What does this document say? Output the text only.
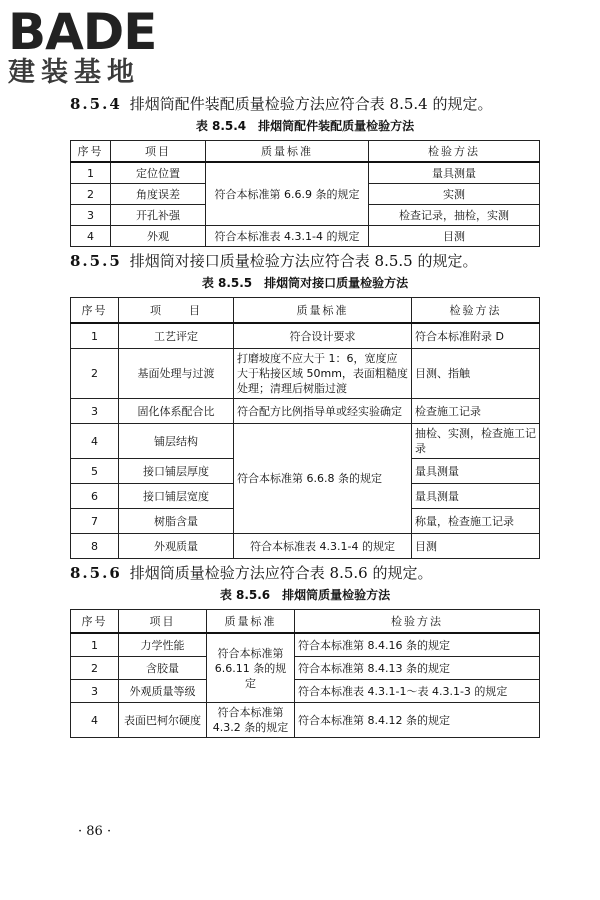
BADE
建装基地

8.5.4 排烟筒配件装配质量检验方法应符合表 8.5.4 的规定。

表 8.5.4　排烟筒配件装配质量检验方法
序号	项目	质量标准	检验方法
1	定位位置	符合本标准第 6.6.9 条的规定	量具测量
2	角度误差		实测
3	开孔补强		检查记录，抽检，实测
4	外观	符合本标准表 4.3.1-4 的规定	目测

8.5.5 排烟筒对接口质量检验方法应符合表 8.5.5 的规定。

表 8.5.5　排烟筒对接口质量检验方法
序号	项　　目	质量标准	检验方法
1	工艺评定	符合设计要求	符合本标准附录 D
2	基面处理与过渡	打磨坡度不应大于 1：6，宽度应大于粘接区域 50mm，表面粗糙度处理；清理后树脂过渡	目测、指触
3	固化体系配合比	符合配方比例指导单或经实验确定	检查施工记录
4	铺层结构	符合本标准第 6.6.8 条的规定	抽检、实测，检查施工记录
5	接口铺层厚度		量具测量
6	接口铺层宽度		量具测量
7	树脂含量		称量，检查施工记录
8	外观质量	符合本标准表 4.3.1-4 的规定	目测

8.5.6 排烟筒质量检验方法应符合表 8.5.6 的规定。

表 8.5.6　排烟筒质量检验方法
序号	项目	质量标准	检验方法
1	力学性能	符合本标准第 6.6.11 条的规定	符合本标准第 8.4.16 条的规定
2	含胶量		符合本标准第 8.4.13 条的规定
3	外观质量等级		符合本标准表 4.3.1-1～表 4.3.1-3 的规定
4	表面巴柯尔硬度	符合本标准第 4.3.2 条的规定	符合本标准第 8.4.12 条的规定
· 86 ·
